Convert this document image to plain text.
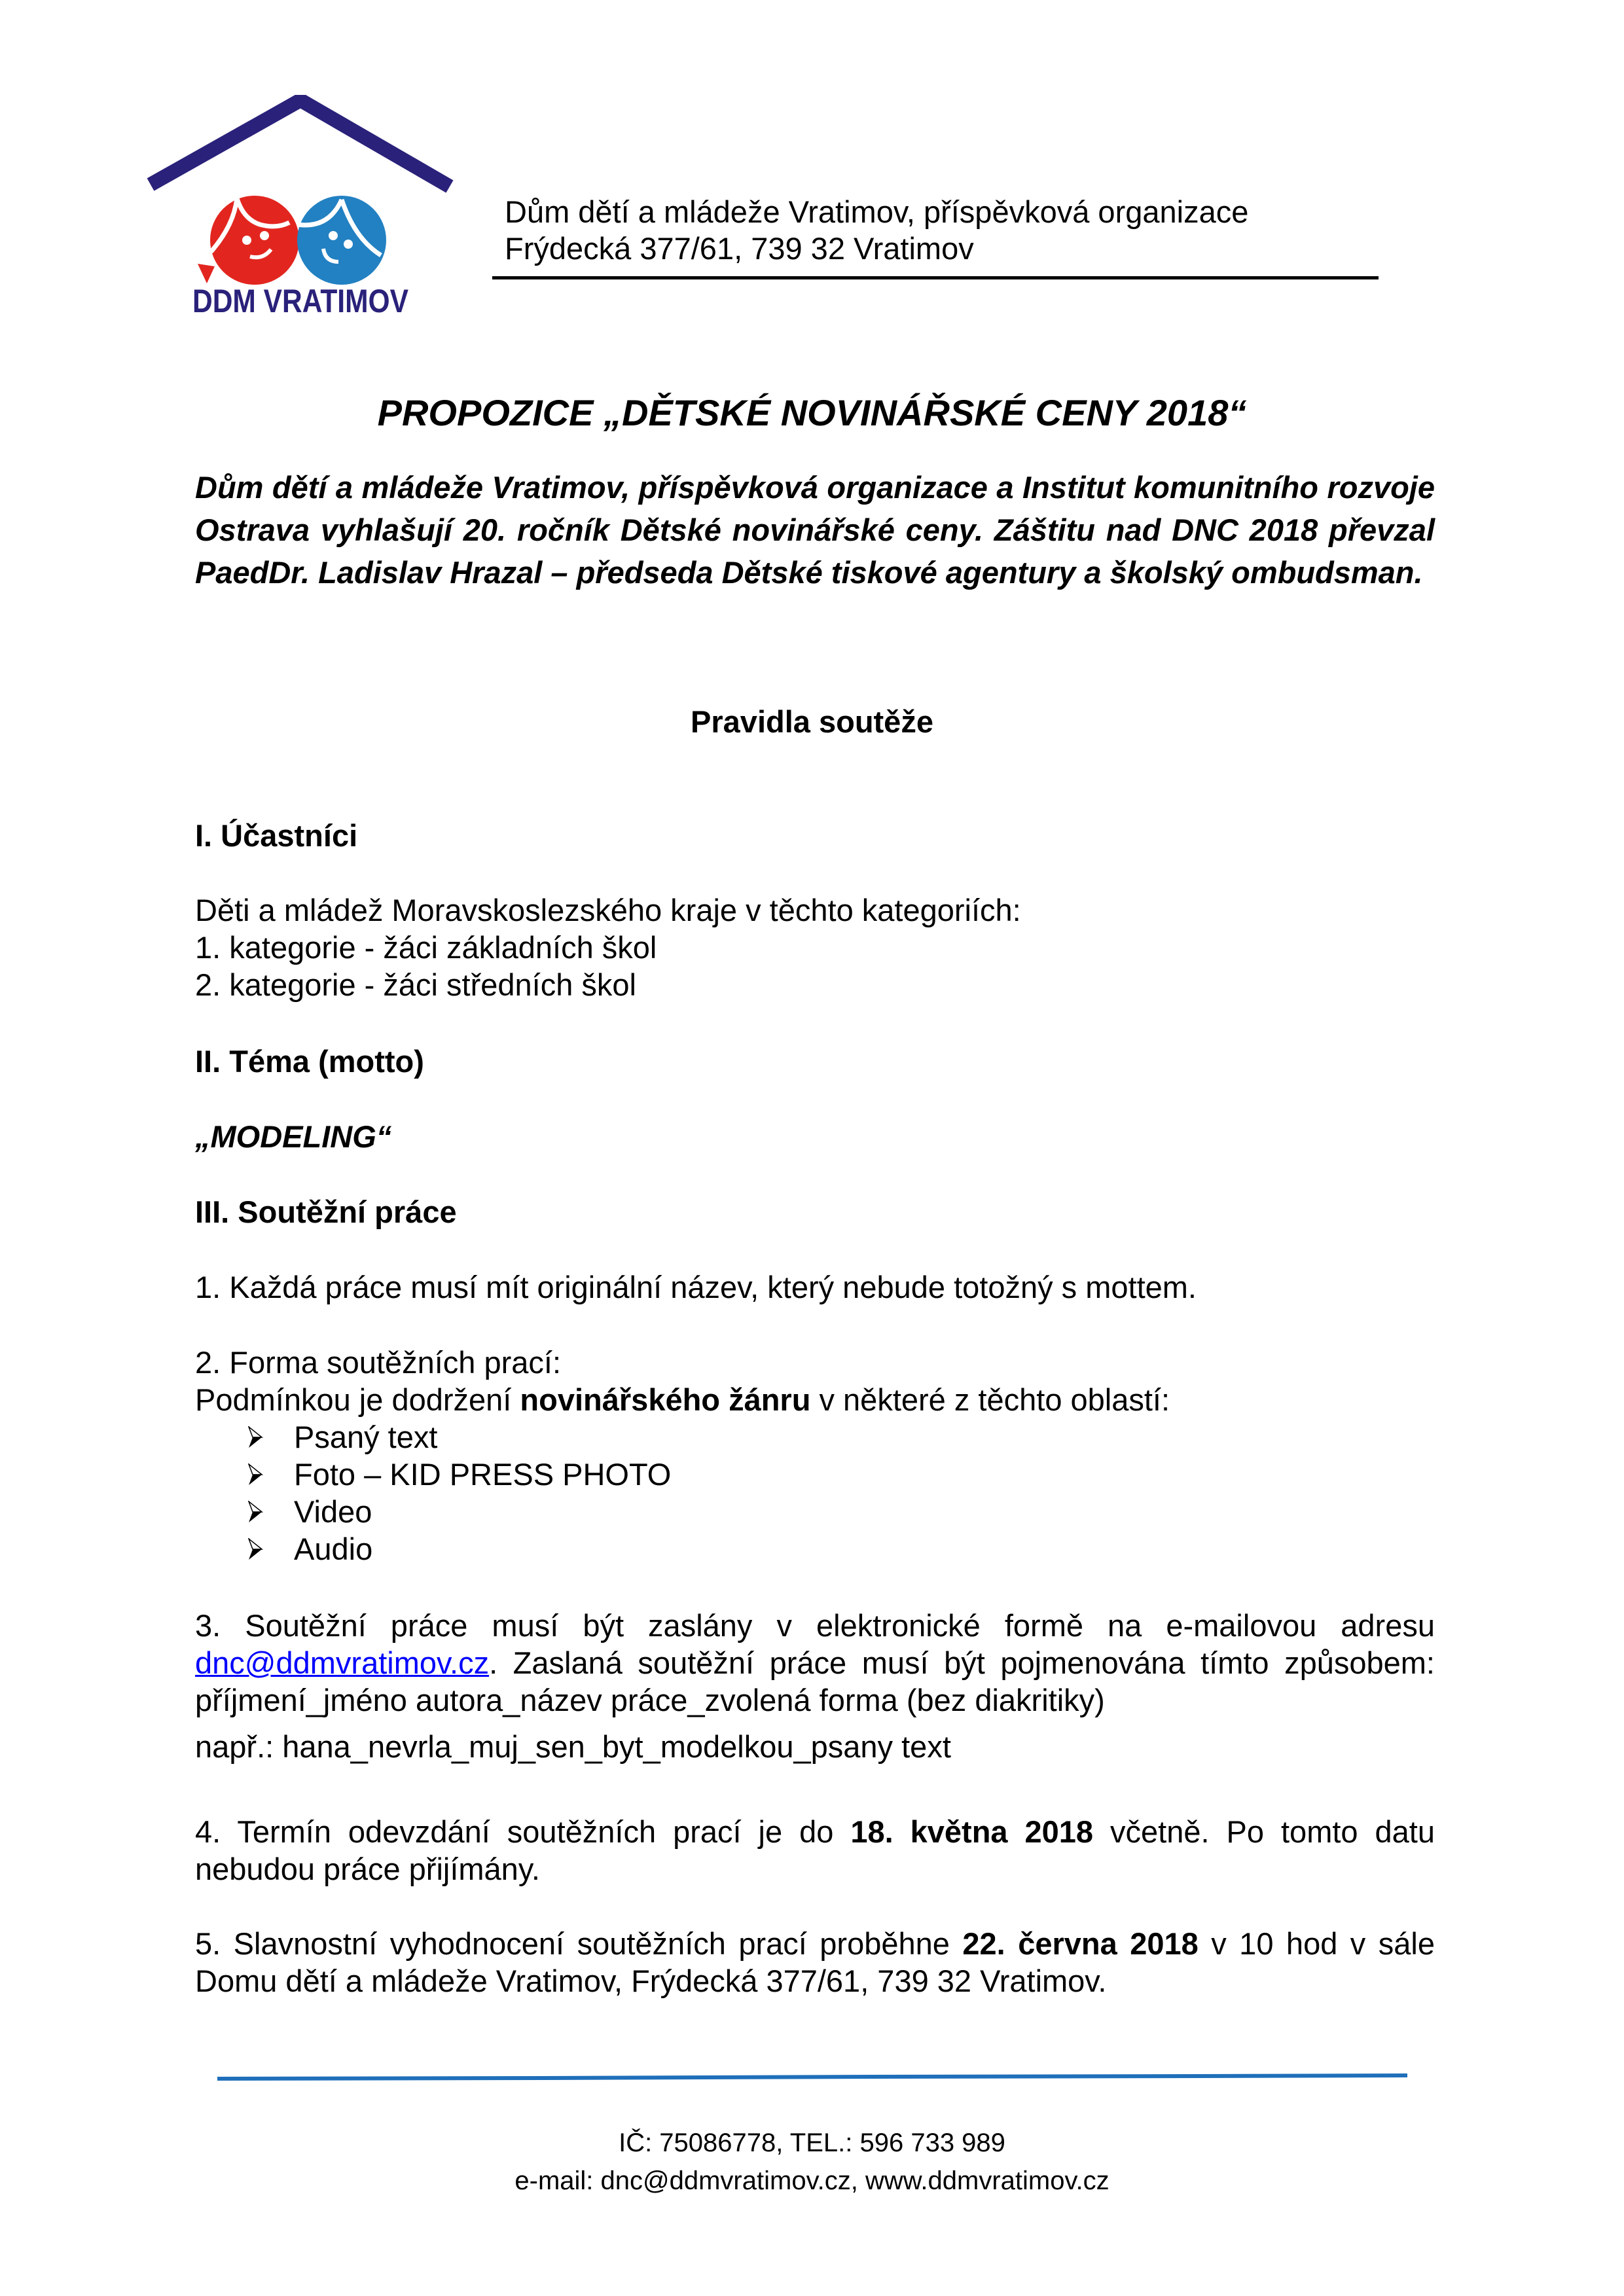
DDM VRATIMOV
Dům dětí a mládeže Vratimov, příspěvková organizace
Frýdecká 377/61, 739 32 Vratimov
PROPOZICE „DĚTSKÉ NOVINÁŘSKÉ CENY 2018“
Dům dětí a mládeže Vratimov, příspěvková organizace a Institut komunitního rozvoje Ostrava vyhlašují 20. ročník Dětské novinářské ceny. Záštitu nad DNC 2018 převzal PaedDr. Ladislav Hrazal – předseda Dětské tiskové agentury a školský ombudsman.
Pravidla soutěže
I. Účastníci
Děti a mládež Moravskoslezského kraje v těchto kategoriích:
1. kategorie - žáci základních škol
2. kategorie - žáci středních škol
II. Téma (motto)
„MODELING“
III. Soutěžní práce
1. Každá práce musí mít originální název, který nebude totožný s mottem.
2. Forma soutěžních prací:
Podmínkou je dodržení novinářského žánru v některé z těchto oblastí:
Psaný text
Foto – KID PRESS PHOTO
Video
Audio
3. Soutěžní práce musí být zaslány v elektronické formě na e-mailovou adresu dnc@ddmvratimov.cz. Zaslaná soutěžní práce musí být pojmenována tímto způsobem: příjmení_jméno autora_název práce_zvolená forma (bez diakritiky)
např.: hana_nevrla_muj_sen_byt_modelkou_psany text
4. Termín odevzdání soutěžních prací je do 18. května 2018 včetně. Po tomto datu nebudou práce přijímány.
5. Slavnostní vyhodnocení soutěžních prací proběhne 22. června 2018 v 10 hod v sále Domu dětí a mládeže Vratimov, Frýdecká 377/61, 739 32 Vratimov.
IČ: 75086778, TEL.: 596 733 989
e-mail: dnc@ddmvratimov.cz, www.ddmvratimov.cz
